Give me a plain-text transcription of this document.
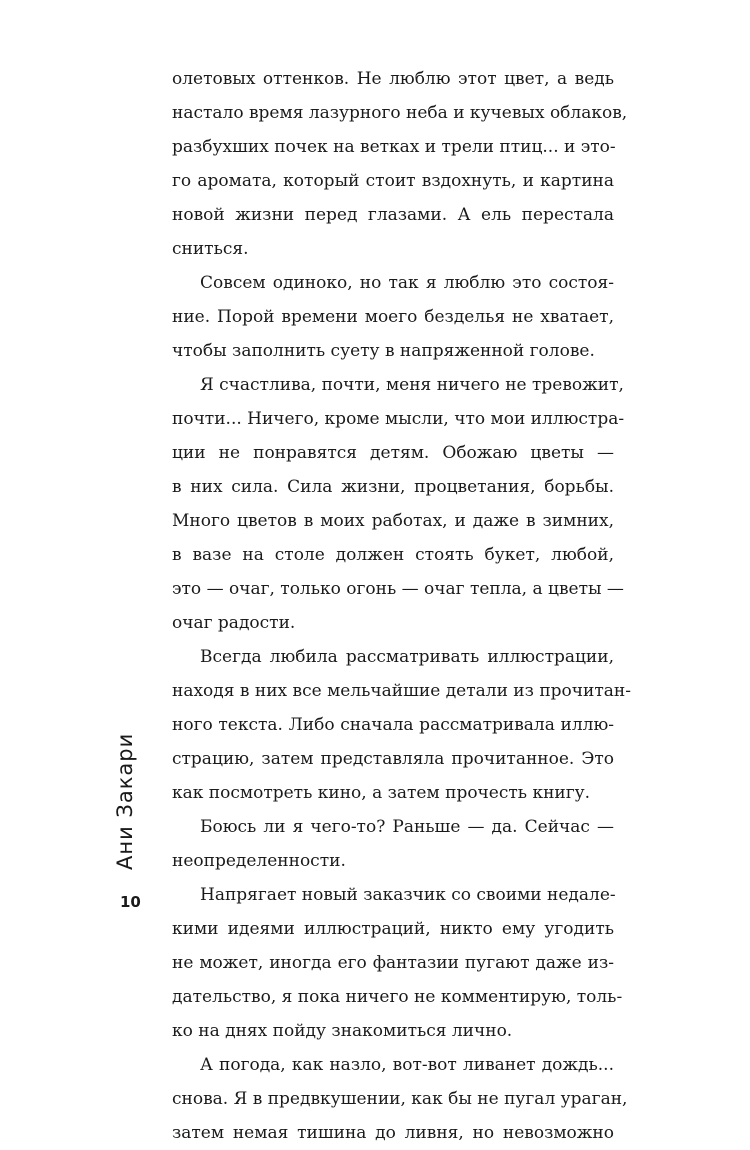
олетовых оттенков. Не люблю этот цвет, а ведь
настало время лазурного неба и кучевых облаков,
разбухших почек на ветках и трели птиц... и это-
го аромата, который стоит вздохнуть, и картина
новой жизни перед глазами. А ель перестала
сниться.
Совсем одиноко, но так я люблю это состоя-
ние. Порой времени моего безделья не хватает,
чтобы заполнить суету в напряженной голове.
Я счастлива, почти, меня ничего не тревожит,
почти... Ничего, кроме мысли, что мои иллюстра-
ции не понравятся детям. Обожаю цветы —
в них сила. Сила жизни, процветания, борьбы.
Много цветов в моих работах, и даже в зимних,
в вазе на столе должен стоять букет, любой,
это — очаг, только огонь — очаг тепла, а цветы —
очаг радости.
Всегда любила рассматривать иллюстрации,
находя в них все мельчайшие детали из прочитан-
ного текста. Либо сначала рассматривала иллю-
страцию, затем представляла прочитанное. Это
как посмотреть кино, а затем прочесть книгу.
Боюсь ли я чего-то? Раньше — да. Сейчас —
неопределенности.
Напрягает новый заказчик со своими недале-
кими идеями иллюстраций, никто ему угодить
не может, иногда его фантазии пугают даже из-
дательство, я пока ничего не комментирую, толь-
ко на днях пойду знакомиться лично.
А погода, как назло, вот-вот ливанет дождь...
снова. Я в предвкушении, как бы не пугал ураган,
затем немая тишина до ливня, но невозможно
Ани Закари
10
